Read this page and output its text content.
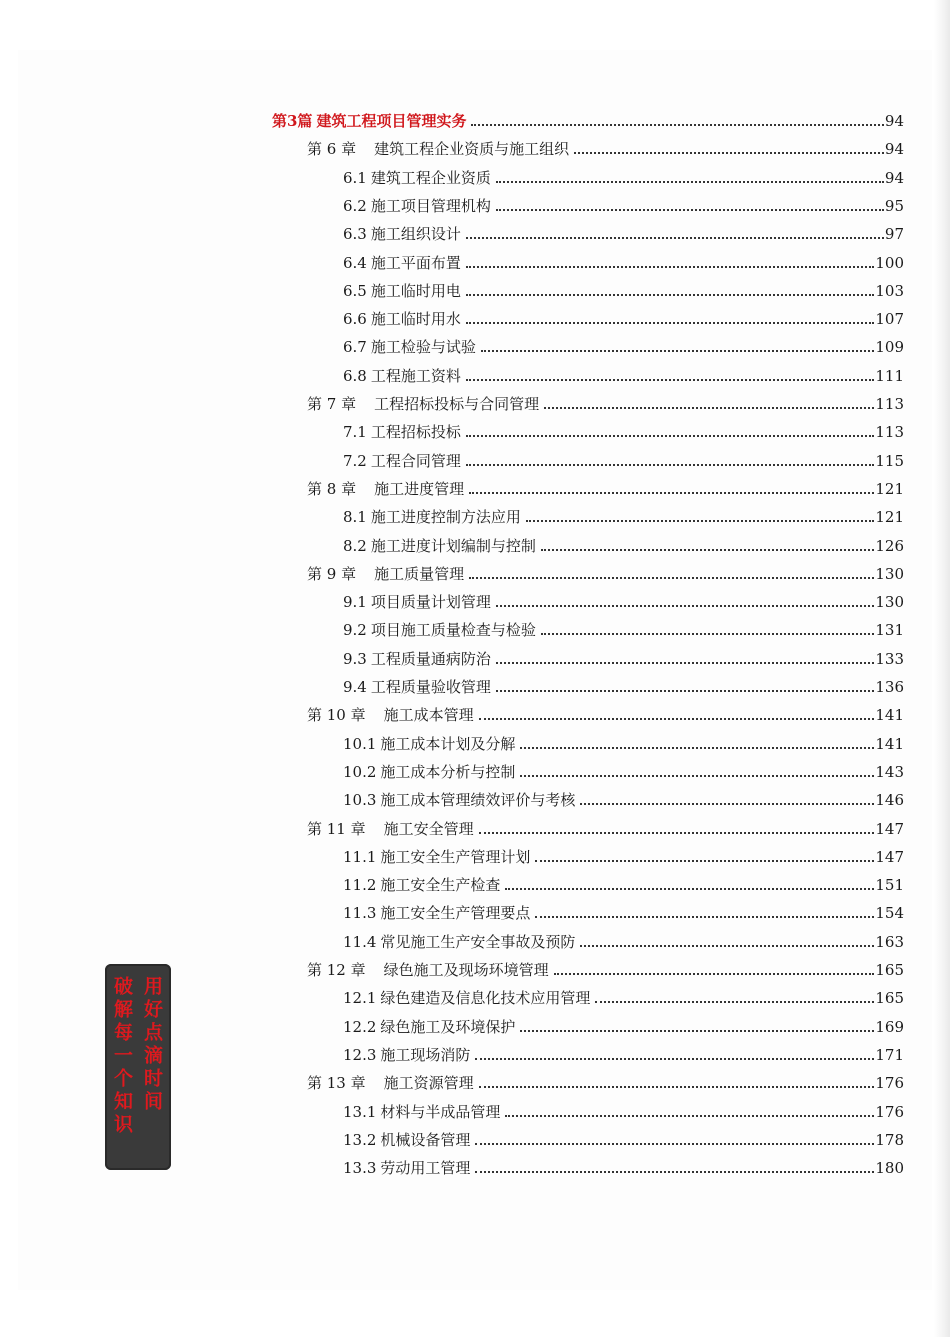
第3篇 建筑工程项目管理实务	94
第 6 章 建筑工程企业资质与施工组织	94
6.1 建筑工程企业资质	94
6.2 施工项目管理机构	95
6.3 施工组织设计	97
6.4 施工平面布置	100
6.5 施工临时用电	103
6.6 施工临时用水	107
6.7 施工检验与试验	109
6.8 工程施工资料	111
第 7 章 工程招标投标与合同管理	113
7.1 工程招标投标	113
7.2 工程合同管理	115
第 8 章 施工进度管理	121
8.1 施工进度控制方法应用	121
8.2 施工进度计划编制与控制	126
第 9 章 施工质量管理	130
9.1 项目质量计划管理	130
9.2 项目施工质量检查与检验	131
9.3 工程质量通病防治	133
9.4 工程质量验收管理	136
第 10 章 施工成本管理	141
10.1 施工成本计划及分解	141
10.2 施工成本分析与控制	143
10.3 施工成本管理绩效评价与考核	146
第 11 章 施工安全管理	147
11.1 施工安全生产管理计划	147
11.2 施工安全生产检查	151
11.3 施工安全生产管理要点	154
11.4 常见施工生产安全事故及预防	163
第 12 章 绿色施工及现场环境管理	165
12.1 绿色建造及信息化技术应用管理	165
12.2 绿色施工及环境保护	169
12.3 施工现场消防	171
第 13 章 施工资源管理	176
13.1 材料与半成品管理	176
13.2 机械设备管理	178
13.3 劳动用工管理	180
用好点滴时间
破解每一个知识
